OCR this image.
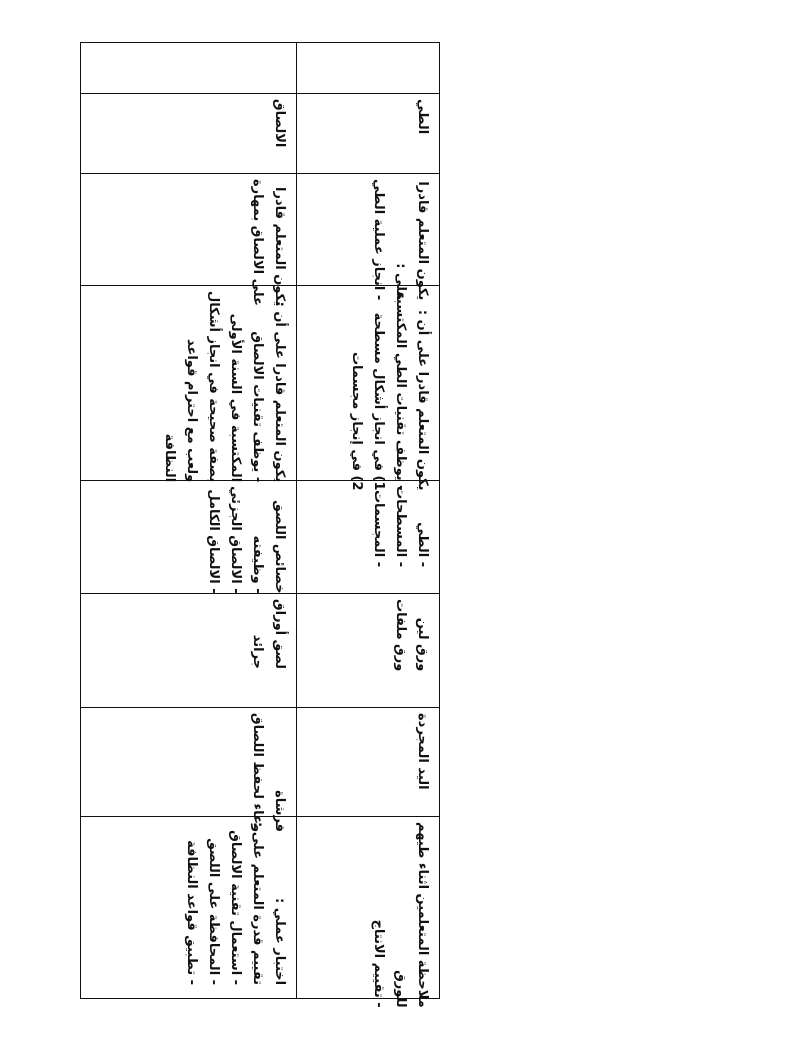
الالصاق
يكون المتعلم قادرا
على الالصاق بمهارة
يكون المتعلم قادرا على أن :
- يوظف تقنيات الالصاق
المكتسبة في السنة الأولى
بصفة صحيحة في انجاز أشكال
ولعب مع احترام قواعد
النظافة
خصائص اللصق
- وظيفته
- الالصاق الجزئي
- الالصاق الكامل
لصق أوراق
جرائد
فرشاة
وعاء لحفظ اللصاق
اختبار عملي :
تقييم قدرة المتعلم على :
- استعمال تقنية الالصاق
- المحافظة على اللصق
- تطبيق قواعد النظافة
الطي
يكون المتعلم قادرا
على :
- انجاز عملية الطي
يكون المتعلم قادرا على أن :
- يوظف تقنيات الطي المكتسبة
1) في انجاز أشكال مسطحة
2) في إنجاز مجسمات
- الطي
- المسطحات
- المجسمات
ورق لين
ورق ملفات
اليد المجردة
ملاحظة المتعلمين اثناء طيهم
للورق
- تقييم الانتاج
